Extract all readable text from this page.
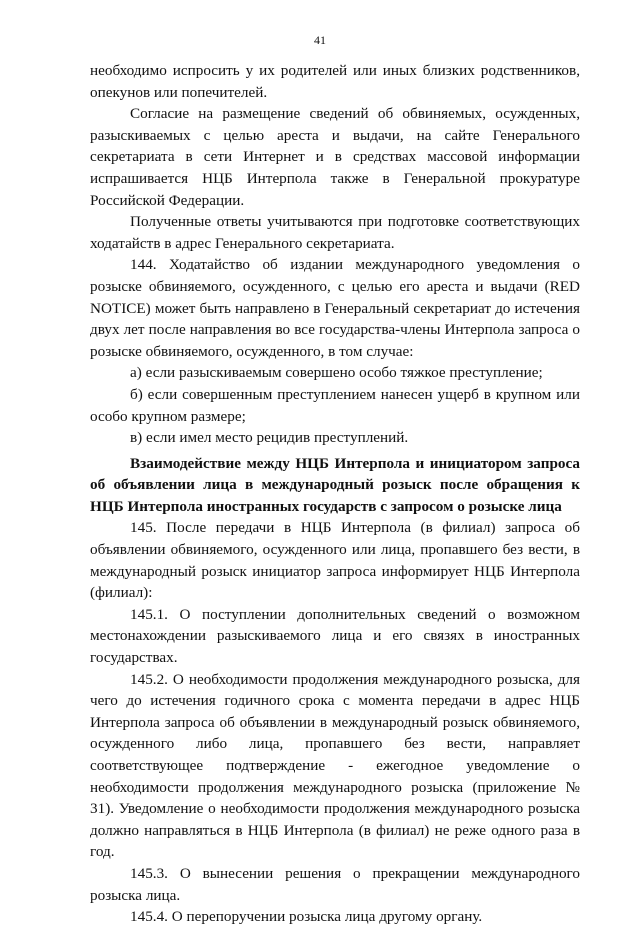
41

необходимо испросить у их родителей или иных близких родственников, опекунов или попечителей.

Согласие на размещение сведений об обвиняемых, осужденных, разыскиваемых с целью ареста и выдачи, на сайте Генерального секретариата в сети Интернет и в средствах массовой информации испрашивается НЦБ Интерпола также в Генеральной прокуратуре Российской Федерации.

Полученные ответы учитываются при подготовке соответствующих ходатайств в адрес Генерального секретариата.

144. Ходатайство об издании международного уведомления о розыске обвиняемого, осужденного, с целью его ареста и выдачи (RED NOTICE) может быть направлено в Генеральный секретариат до истечения двух лет после направления во все государства-члены Интерпола запроса о розыске обвиняемого, осужденного, в том случае:

а) если разыскиваемым совершено особо тяжкое преступление;

б) если совершенным преступлением нанесен ущерб в крупном или особо крупном размере;

в) если имел место рецидив преступлений.

Взаимодействие между НЦБ Интерпола и инициатором запроса об объявлении лица в международный розыск после обращения к НЦБ Интерпола иностранных государств с запросом о розыске лица

145. После передачи в НЦБ Интерпола (в филиал) запроса об объявлении обвиняемого, осужденного или лица, пропавшего без вести, в международный розыск инициатор запроса информирует НЦБ Интерпола (филиал):

145.1. О поступлении дополнительных сведений о возможном местонахождении разыскиваемого лица и его связях в иностранных государствах.

145.2. О необходимости продолжения международного розыска, для чего до истечения годичного срока с момента передачи в адрес НЦБ Интерпола запроса об объявлении в международный розыск обвиняемого, осужденного либо лица, пропавшего без вести, направляет соответствующее подтверждение - ежегодное уведомление о необходимости продолжения международного розыска (приложение № 31). Уведомление о необходимости продолжения международного розыска должно направляться в НЦБ Интерпола (в филиал) не реже одного раза в год.

145.3. О вынесении решения о прекращении международного розыска лица.

145.4. О перепоручении розыска лица другому органу.
